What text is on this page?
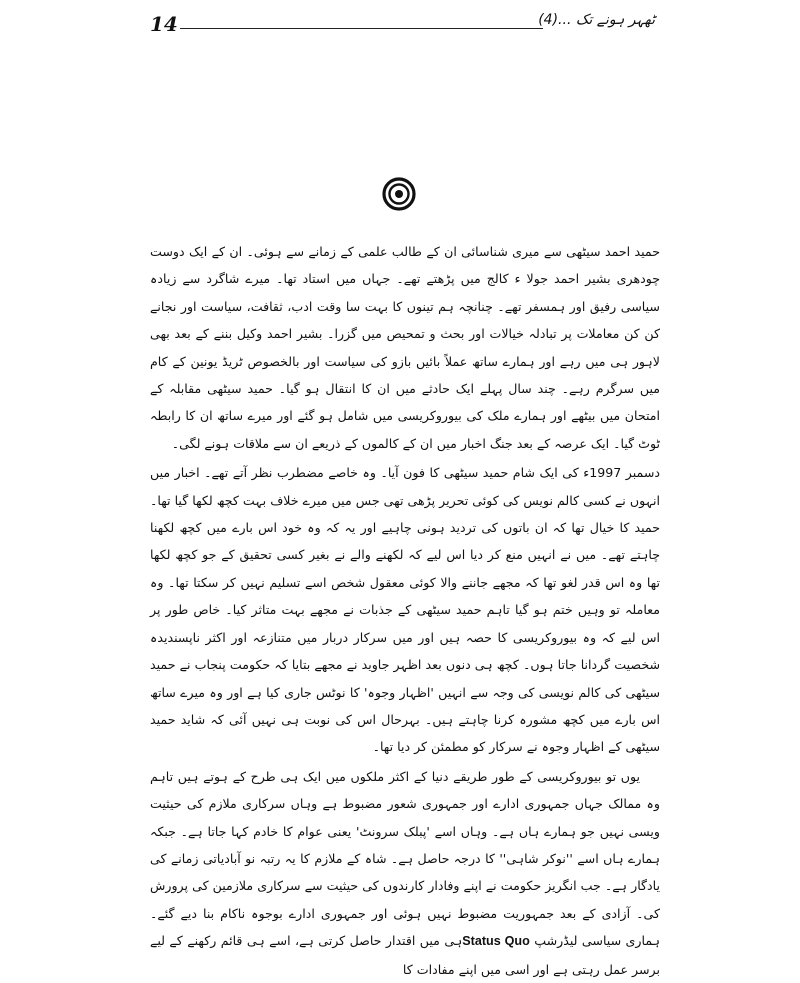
14	ٹھہر ہونے تک ...(4)

حمید احمد سیٹھی سے میری شناسائی ان کے طالب علمی کے زمانے سے ہوئی۔ ان کے ایک دوست چودھری بشیر احمد جولا ء کالج میں پڑھتے تھے۔ جہاں میں استاد تھا۔ میرے شاگرد سے زیادہ سیاسی رفیق اور ہمسفر تھے۔ چنانچہ ہم تینوں کا بہت سا وقت ادب، ثقافت، سیاست اور نجانے کن کن معاملات پر تبادلہ خیالات اور بحث و تمحیص میں گزرا۔ بشیر احمد وکیل بننے کے بعد بھی لاہور ہی میں رہے اور ہمارے ساتھ عملاً بائیں بازو کی سیاست اور بالخصوص ٹریڈ یونین کے کام میں سرگرم رہے۔ چند سال پہلے ایک حادثے میں ان کا انتقال ہو گیا۔ حمید سیٹھی مقابلہ کے امتحان میں بیٹھے اور ہمارے ملک کی بیوروکریسی میں شامل ہو گئے اور میرے ساتھ ان کا رابطہ ٹوٹ گیا۔ ایک عرصہ کے بعد جنگ اخبار میں ان کے کالموں کے ذریعے ان سے ملاقات ہونے لگی۔

دسمبر 1997ء کی ایک شام حمید سیٹھی کا فون آیا۔ وہ خاصے مضطرب نظر آتے تھے۔ اخبار میں انہوں نے کسی کالم نویس کی کوئی تحریر پڑھی تھی جس میں میرے خلاف بہت کچھ لکھا گیا تھا۔ حمید کا خیال تھا کہ ان باتوں کی تردید ہونی چاہیے اور یہ کہ وہ خود اس بارے میں کچھ لکھنا چاہتے تھے۔ میں نے انہیں منع کر دیا اس لیے کہ لکھنے والے نے بغیر کسی تحقیق کے جو کچھ لکھا تھا وہ اس قدر لغو تھا کہ مجھے جاننے والا کوئی معقول شخص اسے تسلیم نہیں کر سکتا تھا۔ وہ معاملہ تو وہیں ختم ہو گیا تاہم حمید سیٹھی کے جذبات نے مجھے بہت متاثر کیا۔ خاص طور پر اس لیے کہ وہ بیوروکریسی کا حصہ ہیں اور میں سرکار دربار میں متنازعہ اور اکثر ناپسندیدہ شخصیت گردانا جاتا ہوں۔ کچھ ہی دنوں بعد اظہر جاوید نے مجھے بتایا کہ حکومت پنجاب نے حمید سیٹھی کی کالم نویسی کی وجہ سے انہیں 'اظہار وجوہ' کا نوٹس جاری کیا ہے اور وہ میرے ساتھ اس بارے میں کچھ مشورہ کرنا چاہتے ہیں۔ بہرحال اس کی نوبت ہی نہیں آئی کہ شاید حمید سیٹھی کے اظہار وجوہ نے سرکار کو مطمئن کر دیا تھا۔

یوں تو بیوروکریسی کے طور طریقے دنیا کے اکثر ملکوں میں ایک ہی طرح کے ہوتے ہیں تاہم وہ ممالک جہاں جمہوری ادارے اور جمہوری شعور مضبوط ہے وہاں سرکاری ملازم کی حیثیت ویسی نہیں جو ہمارے ہاں ہے۔ وہاں اسے 'پبلک سرونٹ' یعنی عوام کا خادم کہا جاتا ہے۔ جبکہ ہمارے ہاں اسے ''نوکر شاہی'' کا درجہ حاصل ہے۔ شاہ کے ملازم کا یہ رتبہ نو آبادیاتی زمانے کی یادگار ہے۔ جب انگریز حکومت نے اپنے وفادار کارندوں کی حیثیت سے سرکاری ملازمین کی پرورش کی۔ آزادی کے بعد جمہوریت مضبوط نہیں ہوئی اور جمہوری ادارے بوجوہ ناکام بنا دیے گئے۔ ہماری سیاسی لیڈرشپ Status Quoہی میں اقتدار حاصل کرتی ہے، اسے ہی قائم رکھنے کے لیے برسر عمل رہتی ہے اور اسی میں اپنے مفادات کا
